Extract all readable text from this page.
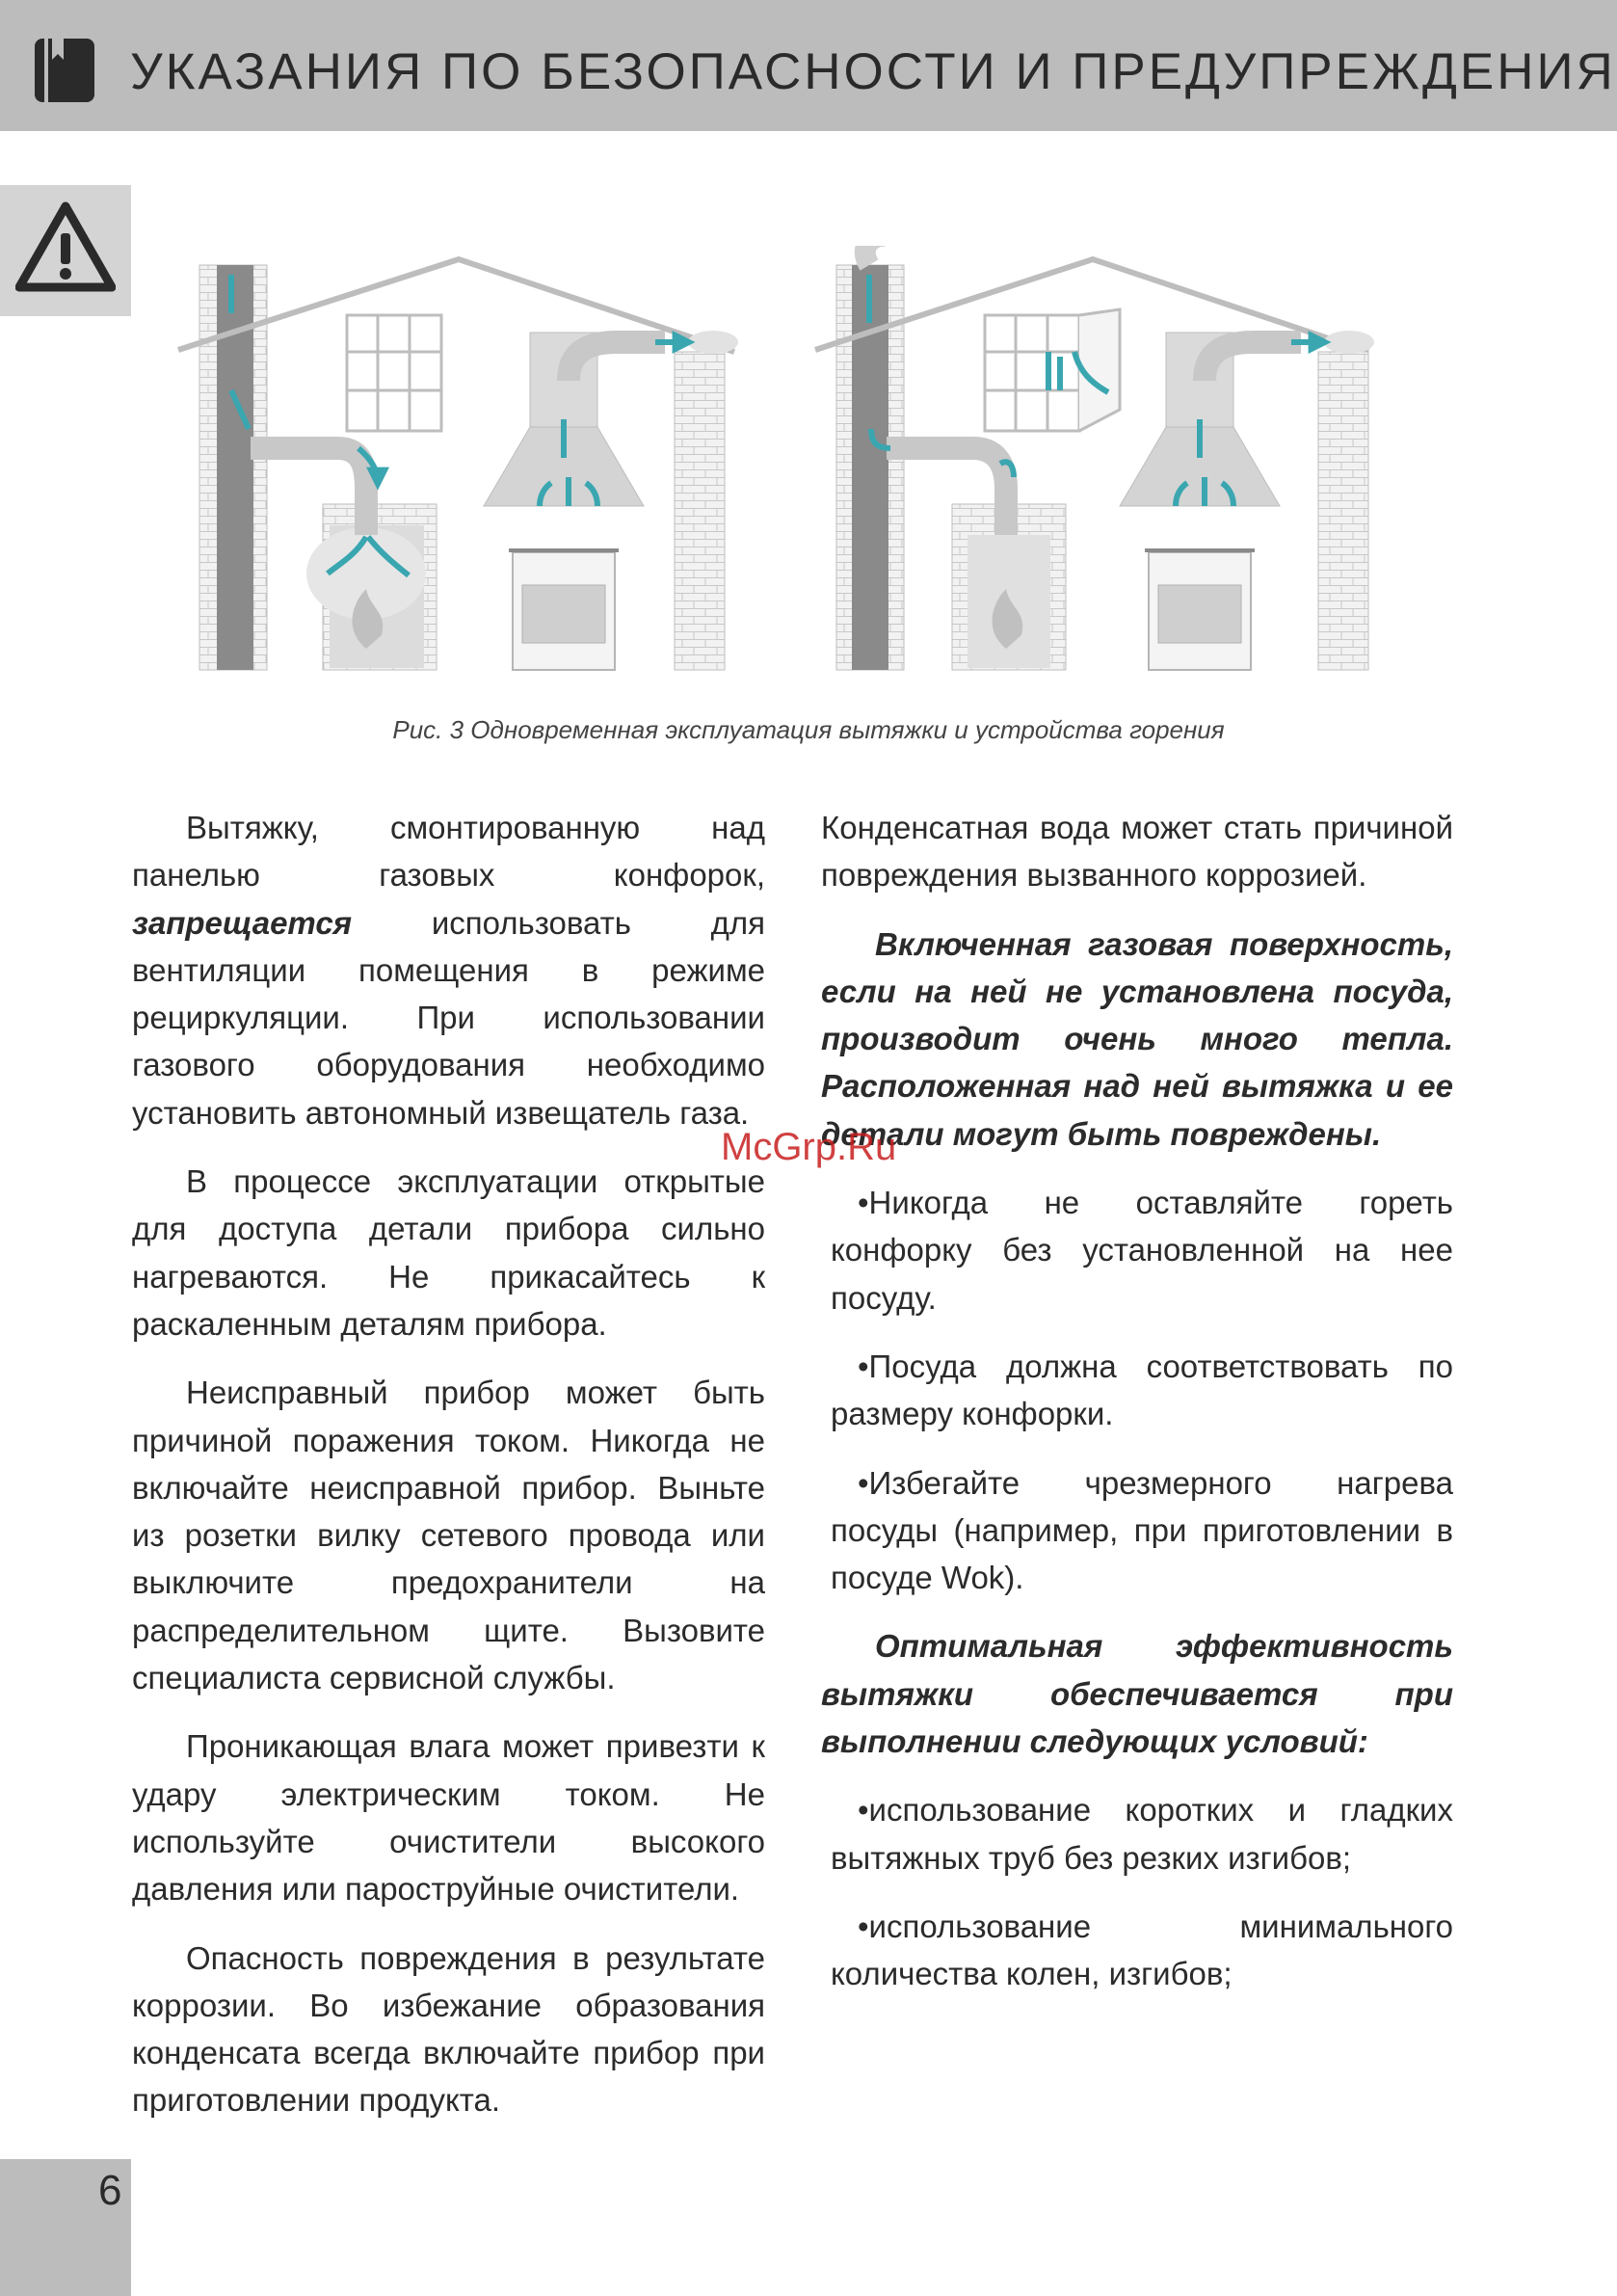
УКАЗАНИЯ ПО БЕЗОПАСНОСТИ И ПРЕДУПРЕЖДЕНИЯ
Рис. 3 Одновременная эксплуатация вытяжки и устройства горения

Вытяжку, смонтированную над панелью газовых конфорок, запрещается использовать для вентиляции помещения в режиме рециркуляции. При использовании газового оборудования необходимо установить автономный извещатель газа.

В процессе эксплуатации открытые для доступа детали прибора сильно нагреваются. Не прикасайтесь к раскаленным деталям прибора.

Неисправный прибор может быть причиной поражения током. Никогда не включайте неисправной прибор. Выньте из розетки вилку сетевого провода или выключите предохранители на распределительном щите. Вызовите специалиста сервисной службы.

Проникающая влага может привезти к удару электрическим током. Не используйте очистители высокого давления или пароструйные очистители.

Опасность повреждения в результате коррозии. Во избежание образования конденсата всегда включайте прибор при приготовлении продукта.

Конденсатная вода может стать причиной повреждения вызванного коррозией.

Включенная газовая поверхность, если на ней не установлена посуда, производит очень много тепла. Расположенная над ней вытяжка и ее детали могут быть повреждены.

•Никогда не оставляйте гореть конфорку без установленной на нее посуду.

•Посуда должна соответствовать по размеру конфорки.

•Избегайте чрезмерного нагрева посуды (например, при приготовлении в посуде Wok).

Оптимальная эффективность вытяжки обеспечивается при выполнении следующих условий:

•использование коротких и гладких вытяжных труб без резких изгибов;

•использование минимального количества колен, изгибов;

McGrp.Ru
6
